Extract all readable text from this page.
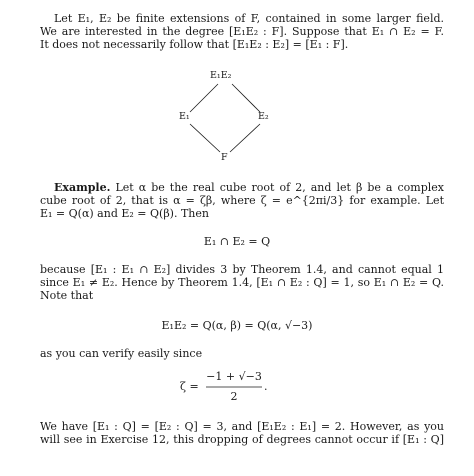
Let E₁, E₂ be finite extensions of F, contained in some larger field.
We are interested in the degree [E₁E₂ : F]. Suppose that E₁ ∩ E₂ = F.
It does not necessarily follow that [E₁E₂ : E₂] = [E₁ : F].
E₁E₂
E₁	E₂
F
Example. Let α be the real cube root of 2, and let β be a complex
cube root of 2, that is α = ζβ, where ζ = e^{2πi/3} for example. Let
E₁ = Q(α) and E₂ = Q(β). Then
E₁ ∩ E₂ = Q
because [E₁ : E₁ ∩ E₂] divides 3 by Theorem 1.4, and cannot equal 1
since E₁ ≠ E₂. Hence by Theorem 1.4, [E₁ ∩ E₂ : Q] = 1, so E₁ ∩ E₂ = Q.
Note that
E₁E₂ = Q(α, β) = Q(α, √−3)
as you can verify easily since
ζ =
−1 + √−3
2
.
We have [E₁ : Q] = [E₂ : Q] = 3, and [E₁E₂ : E₁] = 2. However, as you
will see in Exercise 12, this dropping of degrees cannot occur if [E₁ : Q]
